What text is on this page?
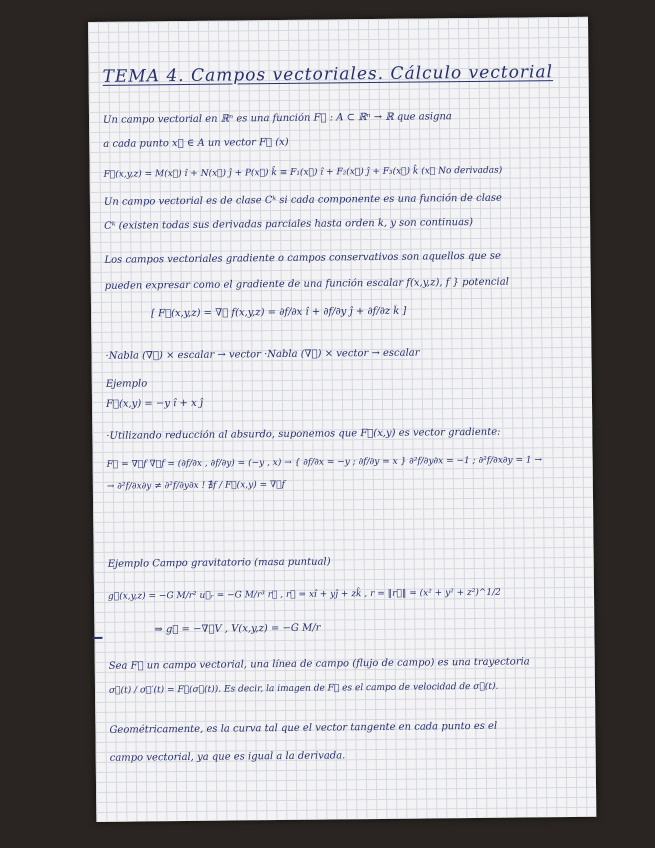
TEMA 4. Campos vectoriales. Cálculo vectorial
Un campo vectorial en ℝⁿ es una función F⃗ : A ⊂ ℝⁿ → ℝ que asigna
a cada punto x⃗ ∈ A un vector F⃗ (x)
F⃗(x,y,z) = M(x⃗) î + N(x⃗) ĵ + P(x⃗) k̂ ≡ F₁(x⃗) î + F₂(x⃗) ĵ + F₃(x⃗) k̂ (x⃗ No derivadas)
Un campo vectorial es de clase Cᵏ si cada componente es una función de clase
Cᵏ (existen todas sus derivadas parciales hasta orden k, y son continuas)
Los campos vectoriales gradiente o campos conservativos son aquellos que se
pueden expresar como el gradiente de una función escalar f(x,y,z), f } potencial
[ F⃗(x,y,z) = ∇⃗ f(x,y,z) = ∂f/∂x î + ∂f/∂y ĵ + ∂f/∂z k̂ ]
·Nabla (∇⃗) × escalar → vector ·Nabla (∇⃗) × vector → escalar
Ejemplo
F⃗(x,y) = −y î + x ĵ
·Utilizando reducción al absurdo, suponemos que F⃗(x,y) es vector gradiente:
F⃗ = ∇⃗f ∇⃗f = (∂f/∂x , ∂f/∂y) = (−y , x) → { ∂f/∂x = −y ; ∂f/∂y = x } ∂²f/∂y∂x = −1 ; ∂²f/∂x∂y = 1 →
→ ∂²f/∂x∂y ≠ ∂²f/∂y∂x ! ∄f / F⃗(x,y) = ∇⃗f
Ejemplo Campo gravitatorio (masa puntual)
g⃗(x,y,z) = −G M/r² u⃗ᵣ = −G M/r³ r⃗ , r⃗ = xî + yĵ + zk̂ , r = ‖r⃗‖ = (x² + y² + z²)^1/2
⇒ g⃗ = −∇⃗V , V(x,y,z) = −G M/r
Sea F⃗ un campo vectorial, una línea de campo (flujo de campo) es una trayectoria
σ⃗(t) / σ⃗′(t) = F⃗(σ⃗(t)). Es decir, la imagen de F⃗ es el campo de velocidad de σ⃗(t).
Geométricamente, es la curva tal que el vector tangente en cada punto es el
campo vectorial, ya que es igual a la derivada.
